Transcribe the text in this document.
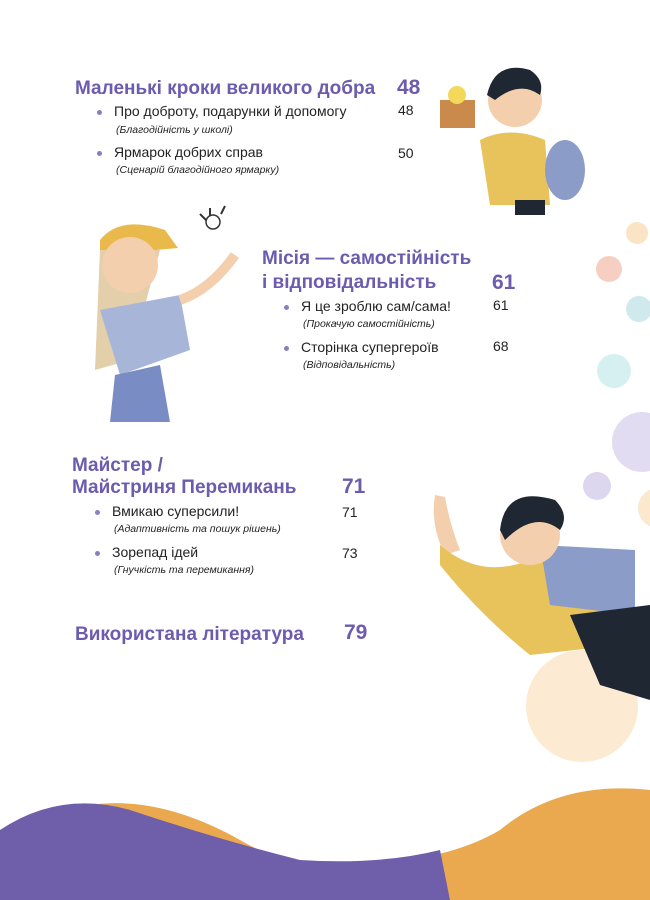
Маленькі кроки великого добра 48
Про доброту, подарунки й допомогу	48
(Благодійність у школі)
Ярмарок добрих справ	50
(Сценарій благодійного ярмарку)
Місія — самостійність
і відповідальність	61
Я це зроблю сам/сама!	61
(Прокачую самостійність)
Сторінка супергероїв	68
(Відповідальність)
Майстер /
Майстриня Перемикань 71
Вмикаю суперсили!	71
(Адаптивність та пошук рішень)
Зорепад ідей	73
(Гнучкість та перемикання)
Використана література 79
